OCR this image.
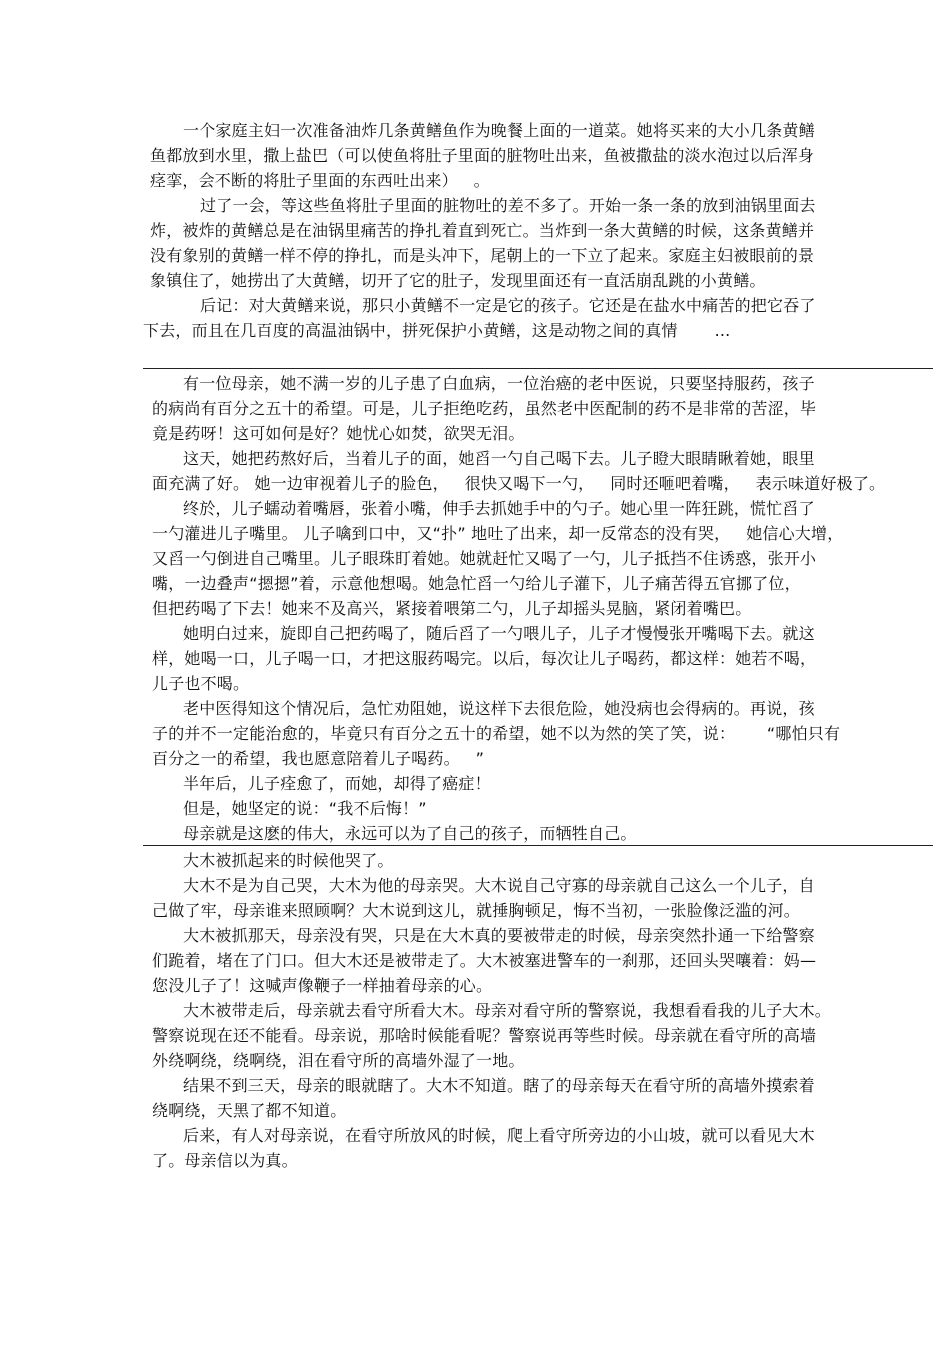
一个家庭主妇一次准备油炸几条黄鳝鱼作为晚餐上面的一道菜。她将买来的大小几条黄鳝
鱼都放到水里，撒上盐巴（可以使鱼将肚子里面的脏物吐出来，鱼被撒盐的淡水泡过以后浑身
痉挛，会不断的将肚子里面的东西吐出来）   。
过了一会，等这些鱼将肚子里面的脏物吐的差不多了。开始一条一条的放到油锅里面去
炸，被炸的黄鳝总是在油锅里痛苦的挣扎着直到死亡。当炸到一条大黄鳝的时候，这条黄鳝并
没有象别的黄鳝一样不停的挣扎，而是头冲下，尾朝上的一下立了起来。家庭主妇被眼前的景
象镇住了，她捞出了大黄鳝，切开了它的肚子，发现里面还有一直活崩乱跳的小黄鳝。
后记：对大黄鳝来说，那只小黄鳝不一定是它的孩子。它还是在盐水中痛苦的把它吞了
下去，而且在几百度的高温油锅中，拼死保护小黄鳝，这是动物之间的真情       ...
有一位母亲，她不满一岁的儿子患了白血病，一位治癌的老中医说，只要坚持服药，孩子
的病尚有百分之五十的希望。可是，儿子拒绝吃药，虽然老中医配制的药不是非常的苦涩，毕
竟是药呀！这可如何是好？她忧心如焚，欲哭无泪。
这天，她把药熬好后，当着儿子的面，她舀一勺自己喝下去。儿子瞪大眼睛瞅着她，眼里
面充满了好。 她一边审视着儿子的脸色，   很快又喝下一勺，   同时还咂吧着嘴，   表示味道好极了。
终於，儿子蠕动着嘴唇，张着小嘴，伸手去抓她手中的勺子。她心里一阵狂跳，慌忙舀了
一勺灌进儿子嘴里。 儿子噙到口中，又“扑” 地吐了出来，却一反常态的没有哭，   她信心大增，
又舀一勺倒进自己嘴里。儿子眼珠盯着她。她就赶忙又喝了一勺，儿子抵挡不住诱惑，张开小
嘴，一边叠声“摁摁”着，示意他想喝。她急忙舀一勺给儿子灌下，儿子痛苦得五官挪了位，
但把药喝了下去！她来不及高兴，紧接着喂第二勺，儿子却摇头晃脑，紧闭着嘴巴。
她明白过来，旋即自己把药喝了，随后舀了一勺喂儿子，儿子才慢慢张开嘴喝下去。就这
样，她喝一口，儿子喝一口，才把这服药喝完。以后，每次让儿子喝药，都这样：她若不喝，
儿子也不喝。
老中医得知这个情况后，急忙劝阻她，说这样下去很危险，她没病也会得病的。再说，孩
子的并不一定能治愈的，毕竟只有百分之五十的希望，她不以为然的笑了笑，说：      “哪怕只有
百分之一的希望，我也愿意陪着儿子喝药。   ”
半年后，儿子痊愈了，而她，却得了癌症！
但是，她坚定的说：“我不后悔！”
母亲就是这麽的伟大，永远可以为了自己的孩子，而牺牲自己。
大木被抓起来的时候他哭了。
大木不是为自己哭，大木为他的母亲哭。大木说自己守寡的母亲就自己这么一个儿子，自
己做了牢，母亲谁来照顾啊？大木说到这儿，就捶胸顿足，悔不当初，一张脸像泛滥的河。
大木被抓那天，母亲没有哭，只是在大木真的要被带走的时候，母亲突然扑通一下给警察
们跪着，堵在了门口。但大木还是被带走了。大木被塞进警车的一刹那，还回头哭嚷着：妈—
您没儿子了！这喊声像鞭子一样抽着母亲的心。
大木被带走后，母亲就去看守所看大木。母亲对看守所的警察说，我想看看我的儿子大木。
警察说现在还不能看。母亲说，那啥时候能看呢？警察说再等些时候。母亲就在看守所的高墙
外绕啊绕，绕啊绕，泪在看守所的高墙外湿了一地。
结果不到三天，母亲的眼就瞎了。大木不知道。瞎了的母亲每天在看守所的高墙外摸索着
绕啊绕，天黑了都不知道。
后来，有人对母亲说，在看守所放风的时候，爬上看守所旁边的小山坡，就可以看见大木
了。母亲信以为真。
